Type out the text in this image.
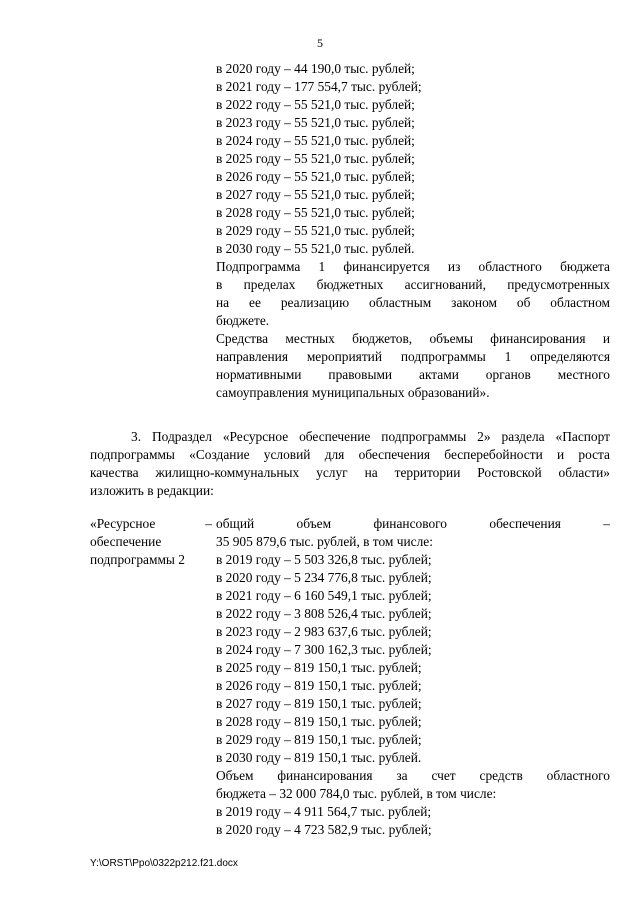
5
в 2020 году – 44 190,0 тыс. рублей;
в 2021 году – 177 554,7 тыс. рублей;
в 2022 году – 55 521,0 тыс. рублей;
в 2023 году – 55 521,0 тыс. рублей;
в 2024 году – 55 521,0 тыс. рублей;
в 2025 году – 55 521,0 тыс. рублей;
в 2026 году – 55 521,0 тыс. рублей;
в 2027 году – 55 521,0 тыс. рублей;
в 2028 году – 55 521,0 тыс. рублей;
в 2029 году – 55 521,0 тыс. рублей;
в 2030 году – 55 521,0 тыс. рублей.
Подпрограмма 1 финансируется из областного бюджета
в пределах бюджетных ассигнований, предусмотренных
на ее реализацию областным законом об областном
бюджете.
Средства местных бюджетов, объемы финансирования и
направления мероприятий подпрограммы 1 определяются
нормативными правовыми актами органов местного
самоуправления муниципальных образований».
3. Подраздел «Ресурсное обеспечение подпрограммы 2» раздела «Паспорт
подпрограммы «Создание условий для обеспечения бесперебойности и роста
качества жилищно-коммунальных услуг на территории Ростовской области»
изложить в редакции:
«Ресурсное	–
обеспечение
подпрограммы 2
общий объем финансового обеспечения –
35 905 879,6 тыс. рублей, в том числе:
в 2019 году – 5 503 326,8 тыс. рублей;
в 2020 году – 5 234 776,8 тыс. рублей;
в 2021 году – 6 160 549,1 тыс. рублей;
в 2022 году – 3 808 526,4 тыс. рублей;
в 2023 году – 2 983 637,6 тыс. рублей;
в 2024 году – 7 300 162,3 тыс. рублей;
в 2025 году – 819 150,1 тыс. рублей;
в 2026 году – 819 150,1 тыс. рублей;
в 2027 году – 819 150,1 тыс. рублей;
в 2028 году – 819 150,1 тыс. рублей;
в 2029 году – 819 150,1 тыс. рублей;
в 2030 году – 819 150,1 тыс. рублей.
Объем финансирования за счет средств областного
бюджета – 32 000 784,0 тыс. рублей, в том числе:
в 2019 году – 4 911 564,7 тыс. рублей;
в 2020 году – 4 723 582,9 тыс. рублей;
Y:\ORST\Ppo\0322p212.f21.docx
